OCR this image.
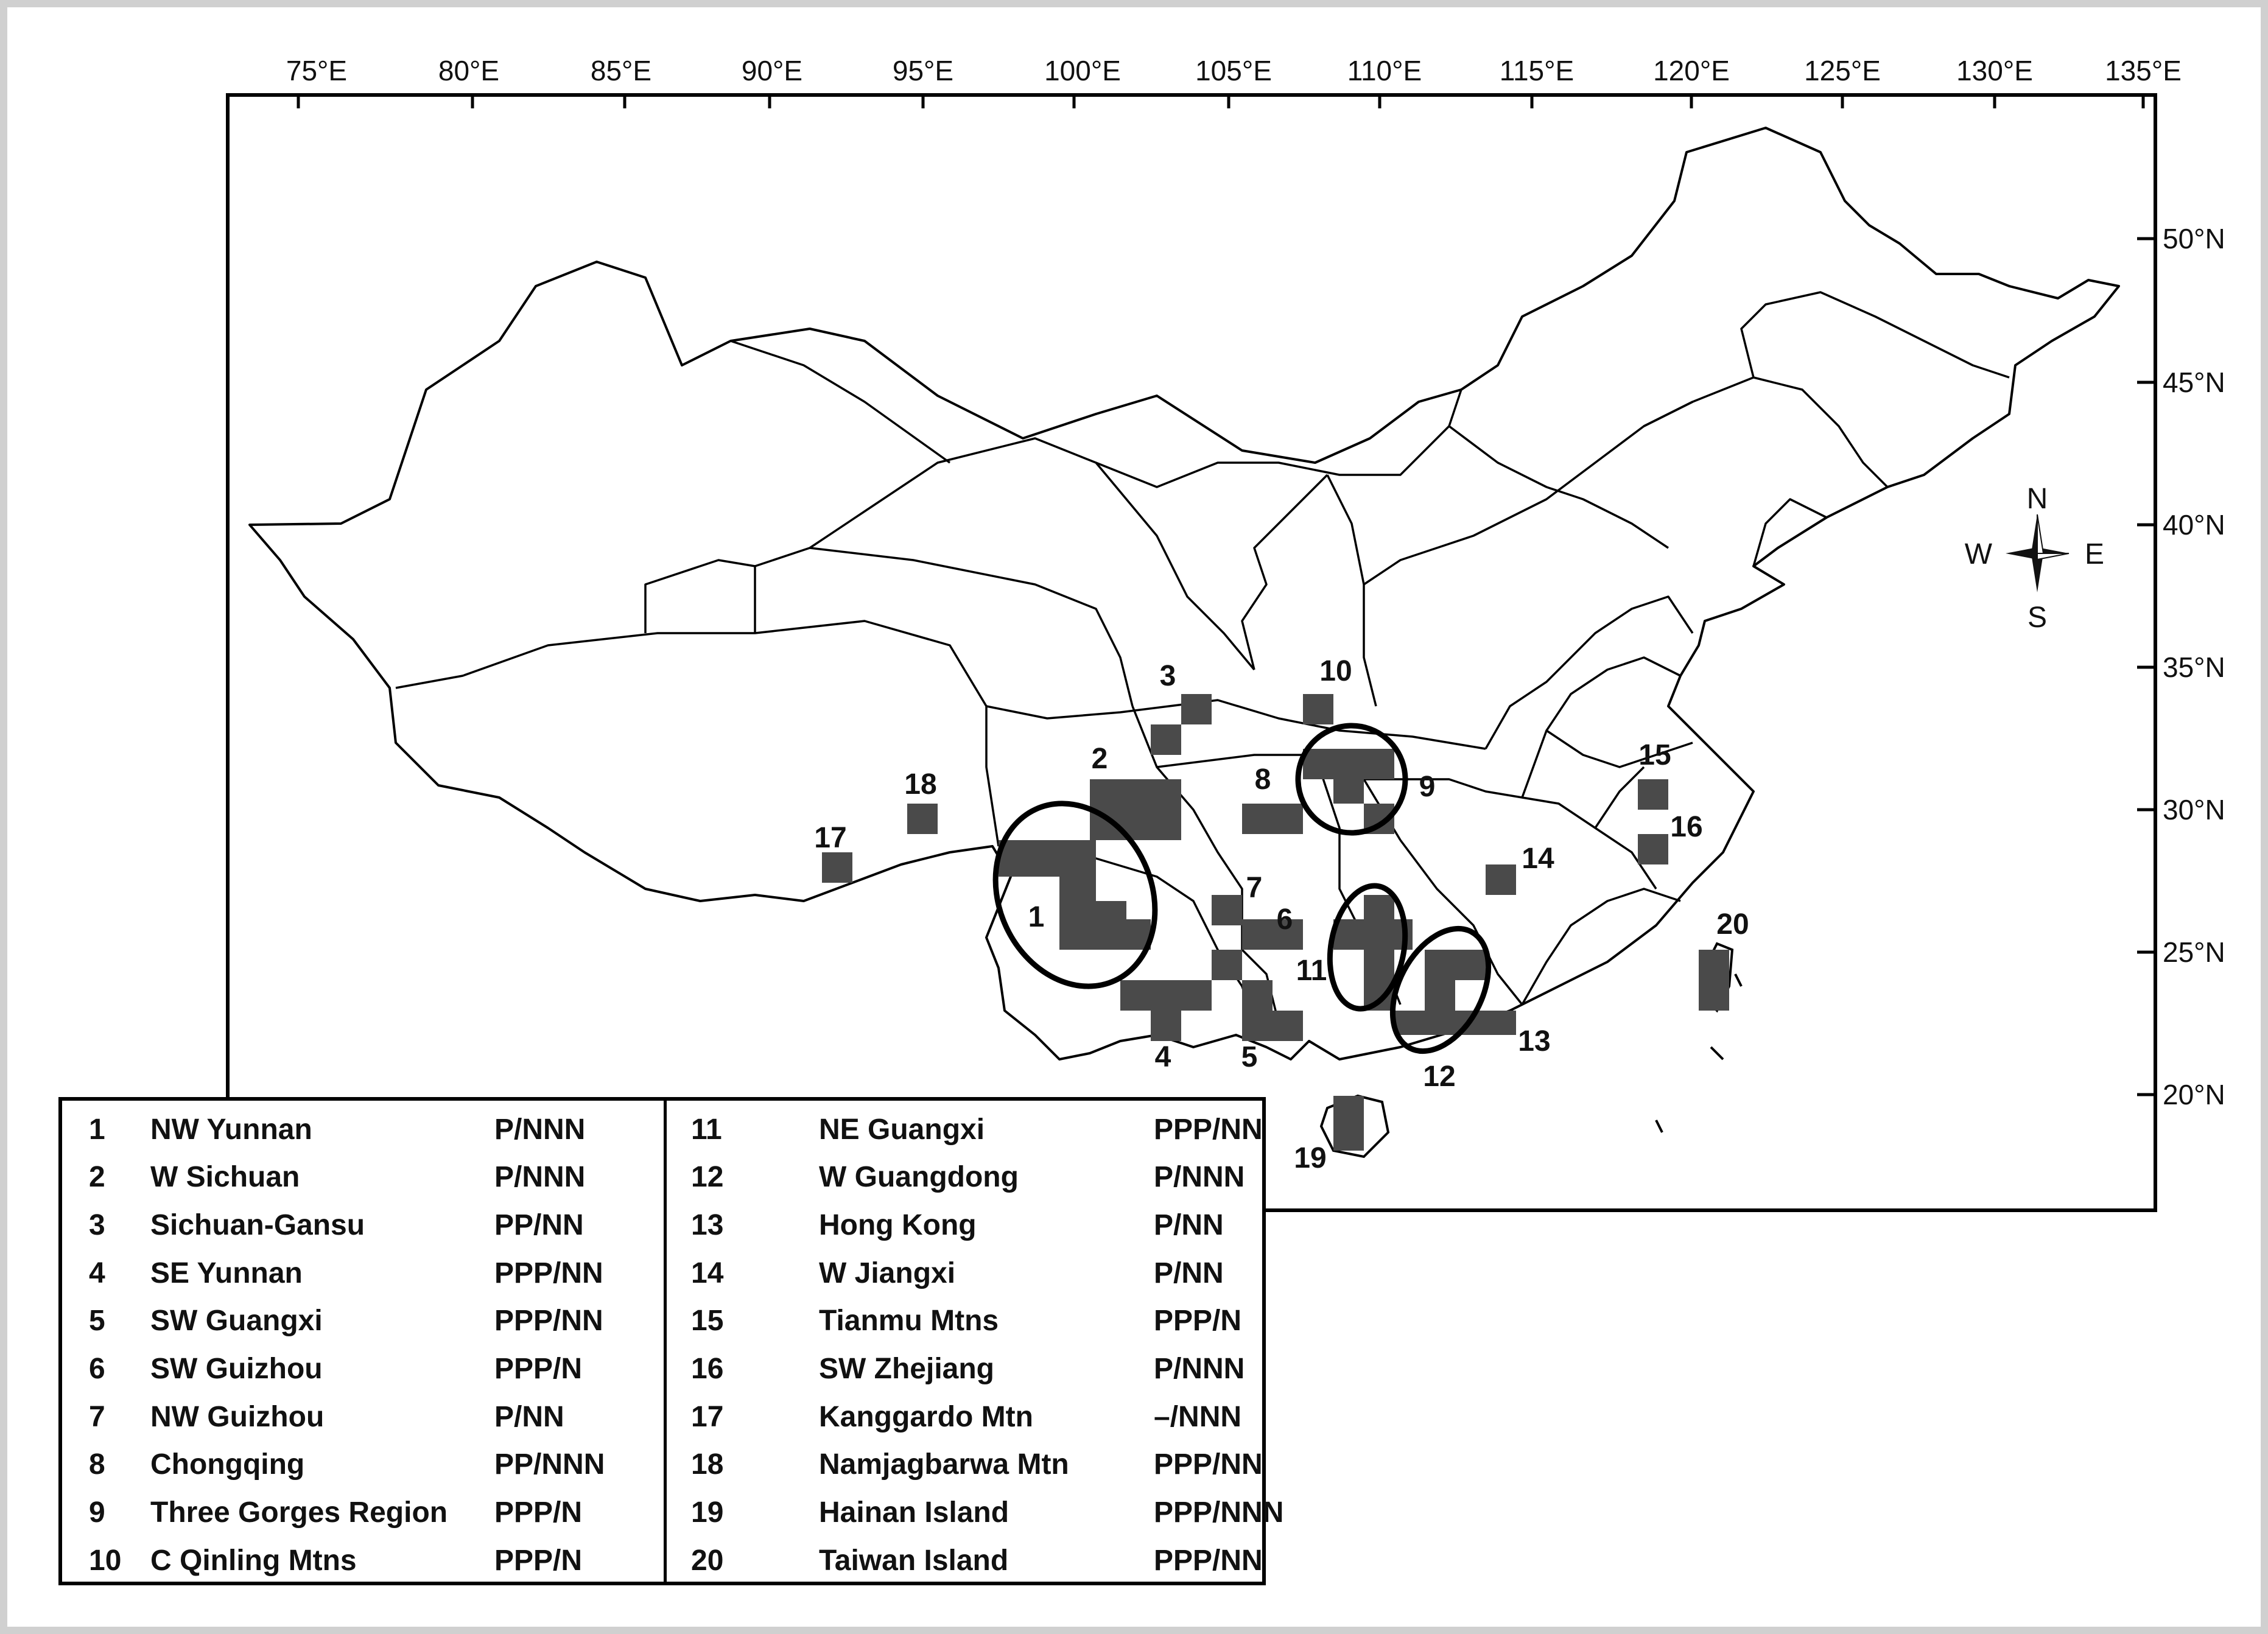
75°E	80°E	85°E	90°E	95°E	100°E	105°E	110°E	115°E	120°E	125°E	130°E	135°E
50°N
45°N
40°N
35°N
30°N
25°N
20°N
1
2
3
4 5
6
7
8	9
10
11
12
13
14
15
16
17
18
19
20
N
S
E
W
1 NW Yunnan	P/NNN
2 W Sichuan	P/NNN
3 Sichuan-Gansu	PP/NN
4 SE Yunnan	PPP/NN
5 SW Guangxi	PPP/NN
6 SW Guizhou	PPP/N
7 NW Guizhou	P/NN
8 Chongqing	PP/NNN
9 Three Gorges Region PPP/N
10 C Qinling Mtns	PPP/N
11	NE Guangxi	PPP/NN
12	W Guangdong	P/NNN
13	Hong Kong	P/NN
14	W Jiangxi	P/NN
15	Tianmu Mtns	PPP/N
16	SW Zhejiang	P/NNN
17	Kanggardo Mtn	–/NNN
18	Namjagbarwa Mtn	PPP/NN
19	Hainan Island	PPP/NNN
20	Taiwan Island	PPP/NN
